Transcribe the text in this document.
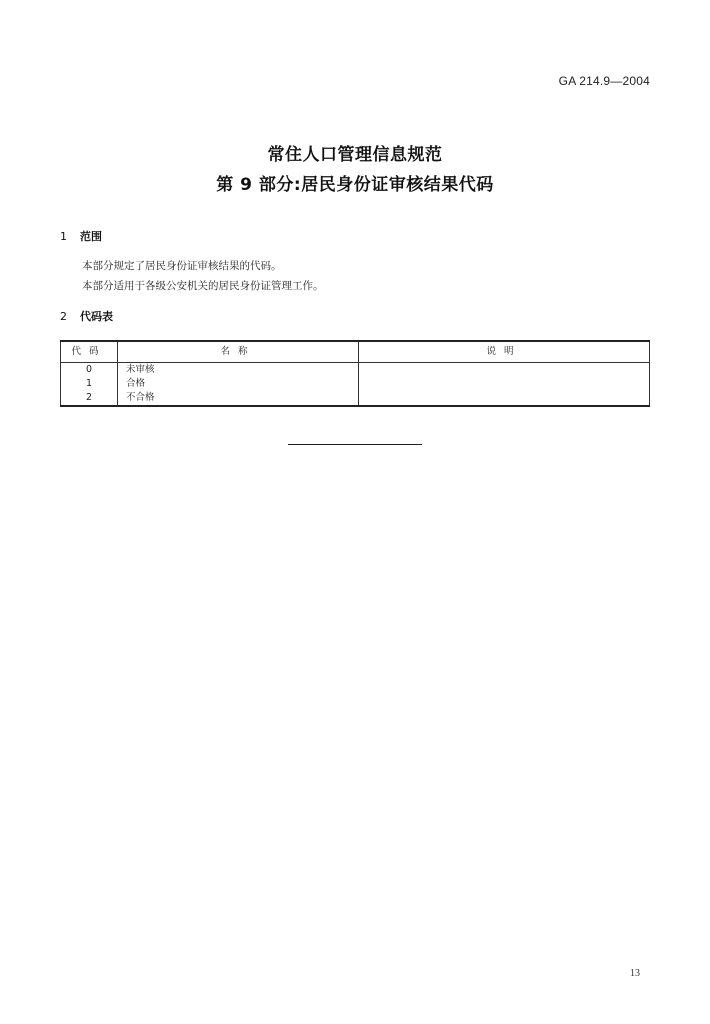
GA 214.9—2004
常住人口管理信息规范
第 9 部分:居民身份证审核结果代码
1 范围
本部分规定了居民身份证审核结果的代码。
本部分适用于各级公安机关的居民身份证管理工作。
2 代码表
代码	名称	说明
0	未审核	
1	合格	
2	不合格	
13
